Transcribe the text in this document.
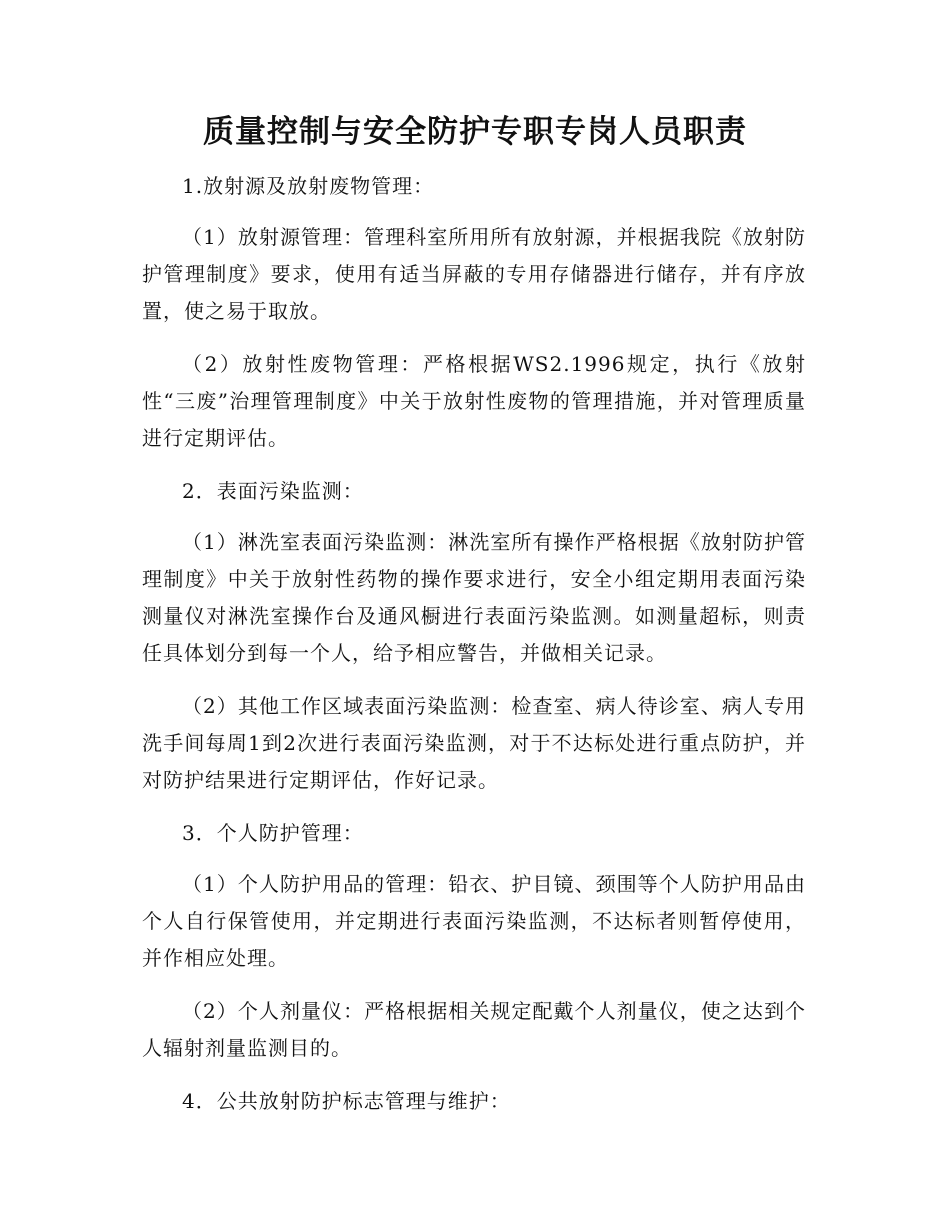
质量控制与安全防护专职专岗人员职责

1.放射源及放射废物管理：

（1）放射源管理：管理科室所用所有放射源，并根据我院《放射防护管理制度》要求，使用有适当屏蔽的专用存储器进行储存，并有序放置，使之易于取放。

（2）放射性废物管理：严格根据WS2.1996规定，执行《放射性“三废”治理管理制度》中关于放射性废物的管理措施，并对管理质量进行定期评估。

2．表面污染监测：

（1）淋洗室表面污染监测：淋洗室所有操作严格根据《放射防护管理制度》中关于放射性药物的操作要求进行，安全小组定期用表面污染测量仪对淋洗室操作台及通风橱进行表面污染监测。如测量超标，则责任具体划分到每一个人，给予相应警告，并做相关记录。

（2）其他工作区域表面污染监测：检查室、病人待诊室、病人专用洗手间每周1到2次进行表面污染监测，对于不达标处进行重点防护，并对防护结果进行定期评估，作好记录。

3．个人防护管理：

（1）个人防护用品的管理：铅衣、护目镜、颈围等个人防护用品由个人自行保管使用，并定期进行表面污染监测，不达标者则暂停使用，并作相应处理。

（2）个人剂量仪：严格根据相关规定配戴个人剂量仪，使之达到个人辐射剂量监测目的。

4．公共放射防护标志管理与维护：
